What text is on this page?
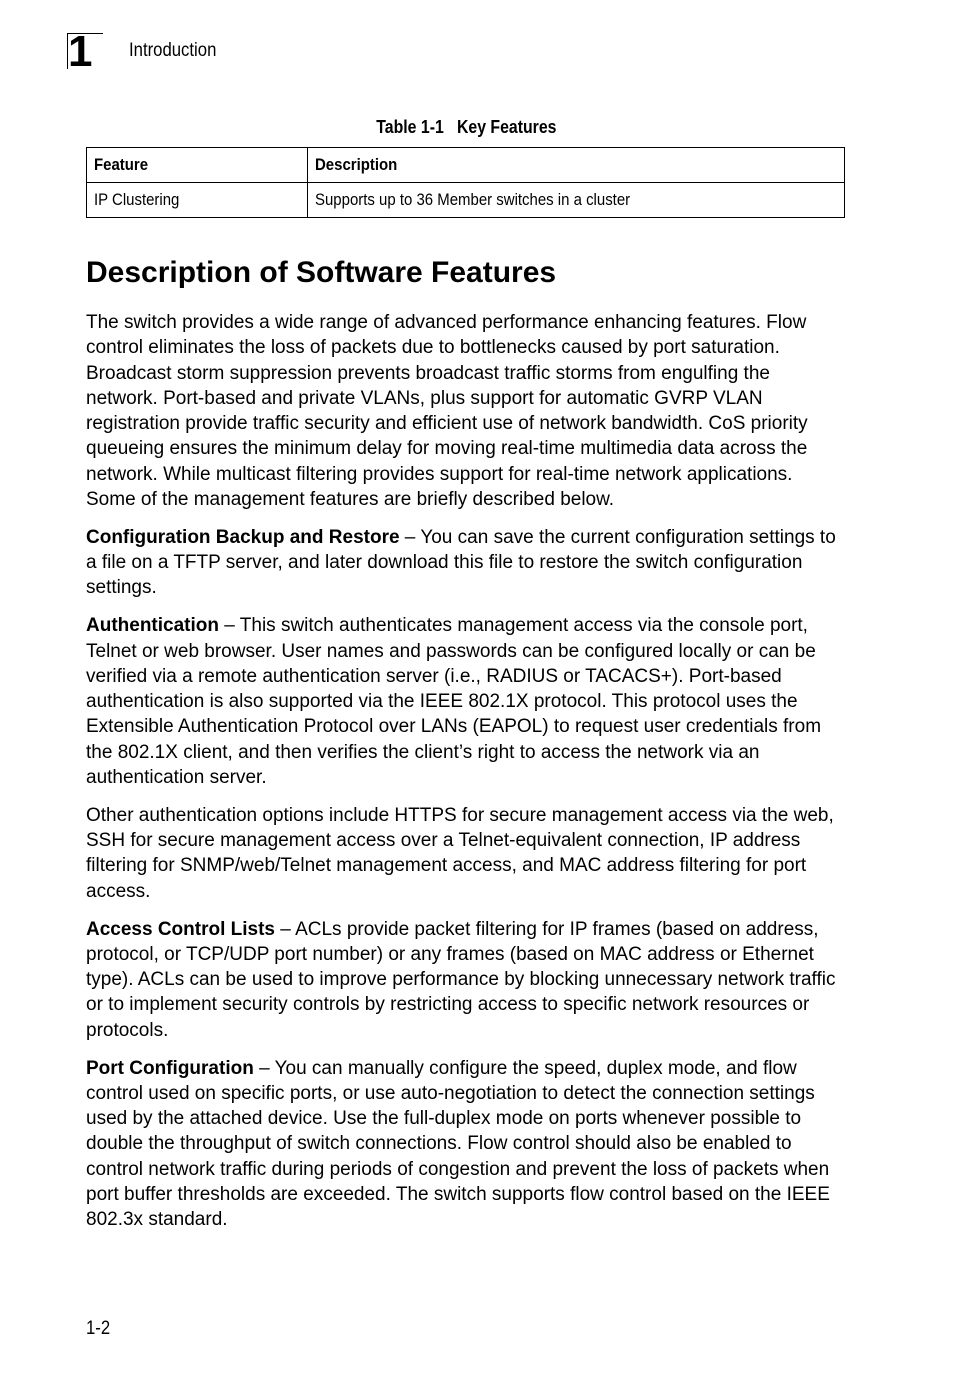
1 Introduction
Table 1-1   Key Features
Feature	Description
IP Clustering	Supports up to 36 Member switches in a cluster
Description of Software Features

The switch provides a wide range of advanced performance enhancing features. Flow control eliminates the loss of packets due to bottlenecks caused by port saturation. Broadcast storm suppression prevents broadcast traffic storms from engulfing the network. Port-based and private VLANs, plus support for automatic GVRP VLAN registration provide traffic security and efficient use of network bandwidth. CoS priority queueing ensures the minimum delay for moving real-time multimedia data across the network. While multicast filtering provides support for real-time network applications. Some of the management features are briefly described below.

Configuration Backup and Restore – You can save the current configuration settings to a file on a TFTP server, and later download this file to restore the switch configuration settings.

Authentication – This switch authenticates management access via the console port, Telnet or web browser. User names and passwords can be configured locally or can be verified via a remote authentication server (i.e., RADIUS or TACACS+). Port-based authentication is also supported via the IEEE 802.1X protocol. This protocol uses the Extensible Authentication Protocol over LANs (EAPOL) to request user credentials from the 802.1X client, and then verifies the client’s right to access the network via an authentication server.

Other authentication options include HTTPS for secure management access via the web, SSH for secure management access over a Telnet-equivalent connection, IP address filtering for SNMP/web/Telnet management access, and MAC address filtering for port access.

Access Control Lists – ACLs provide packet filtering for IP frames (based on address, protocol, or TCP/UDP port number) or any frames (based on MAC address or Ethernet type). ACLs can be used to improve performance by blocking unnecessary network traffic or to implement security controls by restricting access to specific network resources or protocols.

Port Configuration – You can manually configure the speed, duplex mode, and flow control used on specific ports, or use auto-negotiation to detect the connection settings used by the attached device. Use the full-duplex mode on ports whenever possible to double the throughput of switch connections. Flow control should also be enabled to control network traffic during periods of congestion and prevent the loss of packets when port buffer thresholds are exceeded. The switch supports flow control based on the IEEE 802.3x standard.

1-2
